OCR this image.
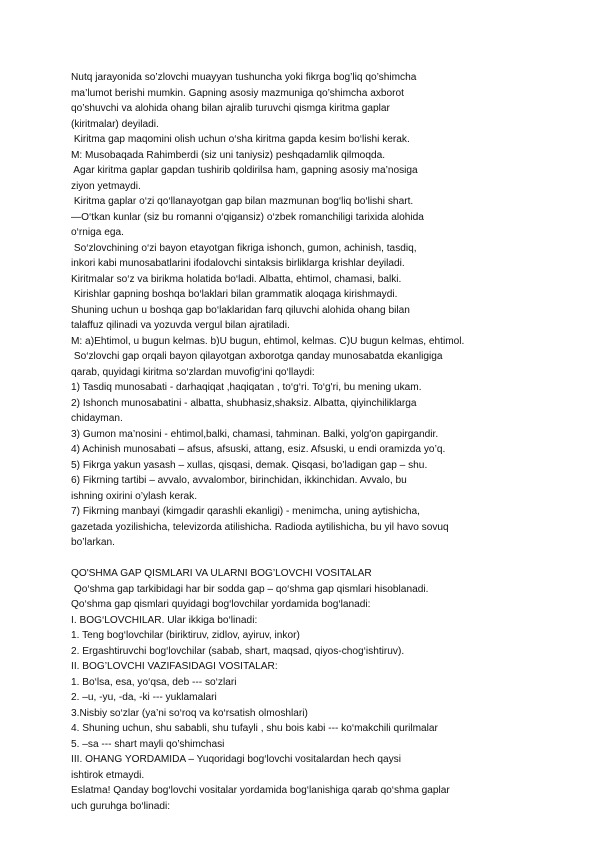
Nutq jarayonida so’zlovchi muayyan tushuncha yoki fikrga bog’liq qo’shimcha
ma’lumot berishi mumkin. Gapning asosiy mazmuniga qo’shimcha axborot
qo’shuvchi va alohida ohang bilan ajralib turuvchi qismga kiritma gaplar
(kiritmalar) deyiladi.
Kiritma gap maqomini olish uchun o‘sha kiritma gapda kesim bo‘lishi kerak.
M: Musobaqada Rahimberdi (siz uni taniysiz) peshqadamlik qilmoqda.
Agar kiritma gaplar gapdan tushirib qoldirilsa ham, gapning asosiy ma’nosiga
ziyon yetmaydi.
Kiritma gaplar o‘zi qo‘llanayotgan gap bilan mazmunan bog‘liq bo‘lishi shart.
—O‘tkan kunlar (siz bu romanni o‘qigansiz) o‘zbek romanchiligi tarixida alohida
o‘rniga ega.
So‘zlovchining o‘zi bayon etayotgan fikriga ishonch, gumon, achinish, tasdiq,
inkori kabi munosabatlarini ifodalovchi sintaksis birliklarga krishlar deyiladi.
Kiritmalar so‘z va birikma holatida bo‘ladi. Albatta, ehtimol, chamasi, balki.
Kirishlar gapning boshqa bo‘laklari bilan grammatik aloqaga kirishmaydi.
Shuning uchun u boshqa gap bo‘laklaridan farq qiluvchi alohida ohang bilan
talaffuz qilinadi va yozuvda vergul bilan ajratiladi.
M: a)Ehtimol, u bugun kelmas. b)U bugun, ehtimol, kelmas. C)U bugun kelmas, ehtimol.
So‘zlovchi gap orqali bayon qilayotgan axborotga qanday munosabatda ekanligiga
qarab, quyidagi kiritma so‘zlardan muvofig‘ini qo‘llaydi:
1) Tasdiq munosabati - darhaqiqat ,haqiqatan , to‘g‘ri. To‘g'ri, bu mening ukam.
2) Ishonch munosabatini - albatta, shubhasiz,shaksiz. Albatta, qiyinchiliklarga
chidayman.
3) Gumon ma’nosini - ehtimol,balki, chamasi, tahminan. Balki, yolg'on gapirgandir.
4) Achinish munosabati – afsus, afsuski, attang, esiz. Afsuski, u endi oramizda yo’q.
5) Fikrga yakun yasash – xullas, qisqasi, demak. Qisqasi, bo’ladigan gap – shu.
6) Fikrning tartibi – avvalo, avvalombor, birinchidan, ikkinchidan. Avvalo, bu
ishning oxirini o’ylash kerak.
7) Fikrning manbayi (kimgadir qarashli ekanligi) - menimcha, uning aytishicha,
gazetada yozilishicha, televizorda atilishicha. Radioda aytilishicha, bu yil havo sovuq
bo’larkan.
QO'SHMA GAP QISMLARI VA ULARNI BOG’LOVCHI VOSITALAR
Qo‘shma gap tarkibidagi har bir sodda gap – qo‘shma gap qismlari hisoblanadi.
Qo‘shma gap qismlari quyidagi bog‘lovchilar yordamida bog‘lanadi:
I. BOG‘LOVCHILAR. Ular ikkiga bo‘linadi:
1. Teng bog‘lovchilar (biriktiruv, zidlov, ayiruv, inkor)
2. Ergashtiruvchi bog‘lovchilar (sabab, shart, maqsad, qiyos-chog‘ishtiruv).
II. BOG’LOVCHI VAZIFASIDAGI VOSITALAR:
1. Bo‘lsa, esa, yo‘qsa, deb --- so‘zlari
2. –u, -yu, -da, -ki --- yuklamalari
3.Nisbiy so‘zlar (ya’ni so‘roq va ko‘rsatish olmoshlari)
4. Shuning uchun, shu sababli, shu tufayli , shu bois kabi --- ko‘makchili qurilmalar
5. –sa --- shart mayli qo’shimchasi
III. OHANG YORDAMIDA – Yuqoridagi bog‘lovchi vositalardan hech qaysi
ishtirok etmaydi.
Eslatma! Qanday bog‘lovchi vositalar yordamida bog‘lanishiga qarab qo‘shma gaplar
uch guruhga bo‘linadi:
